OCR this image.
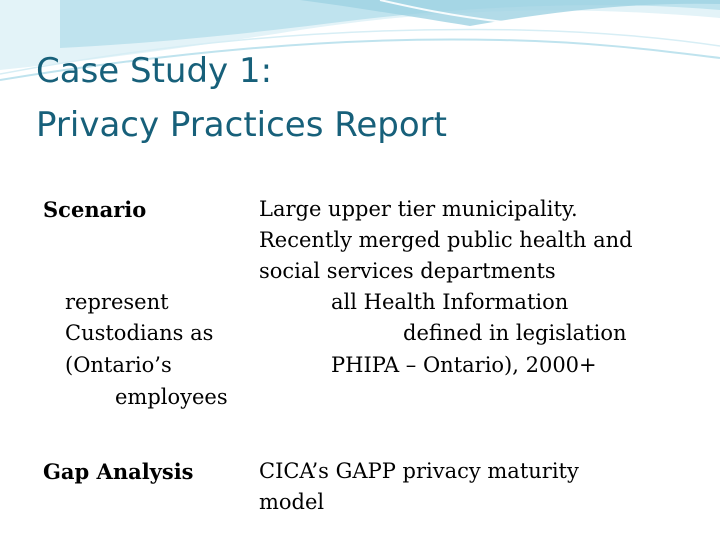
Case Study 1:
Privacy Practices Report
Scenario
represent
Custodians as
(Ontario’s
employees
Large upper tier municipality.
Recently merged public health and
social services departments
all Health Information
defined in legislation
PHIPA – Ontario), 2000+
Gap Analysis	CICA’s GAPP privacy maturity
model
